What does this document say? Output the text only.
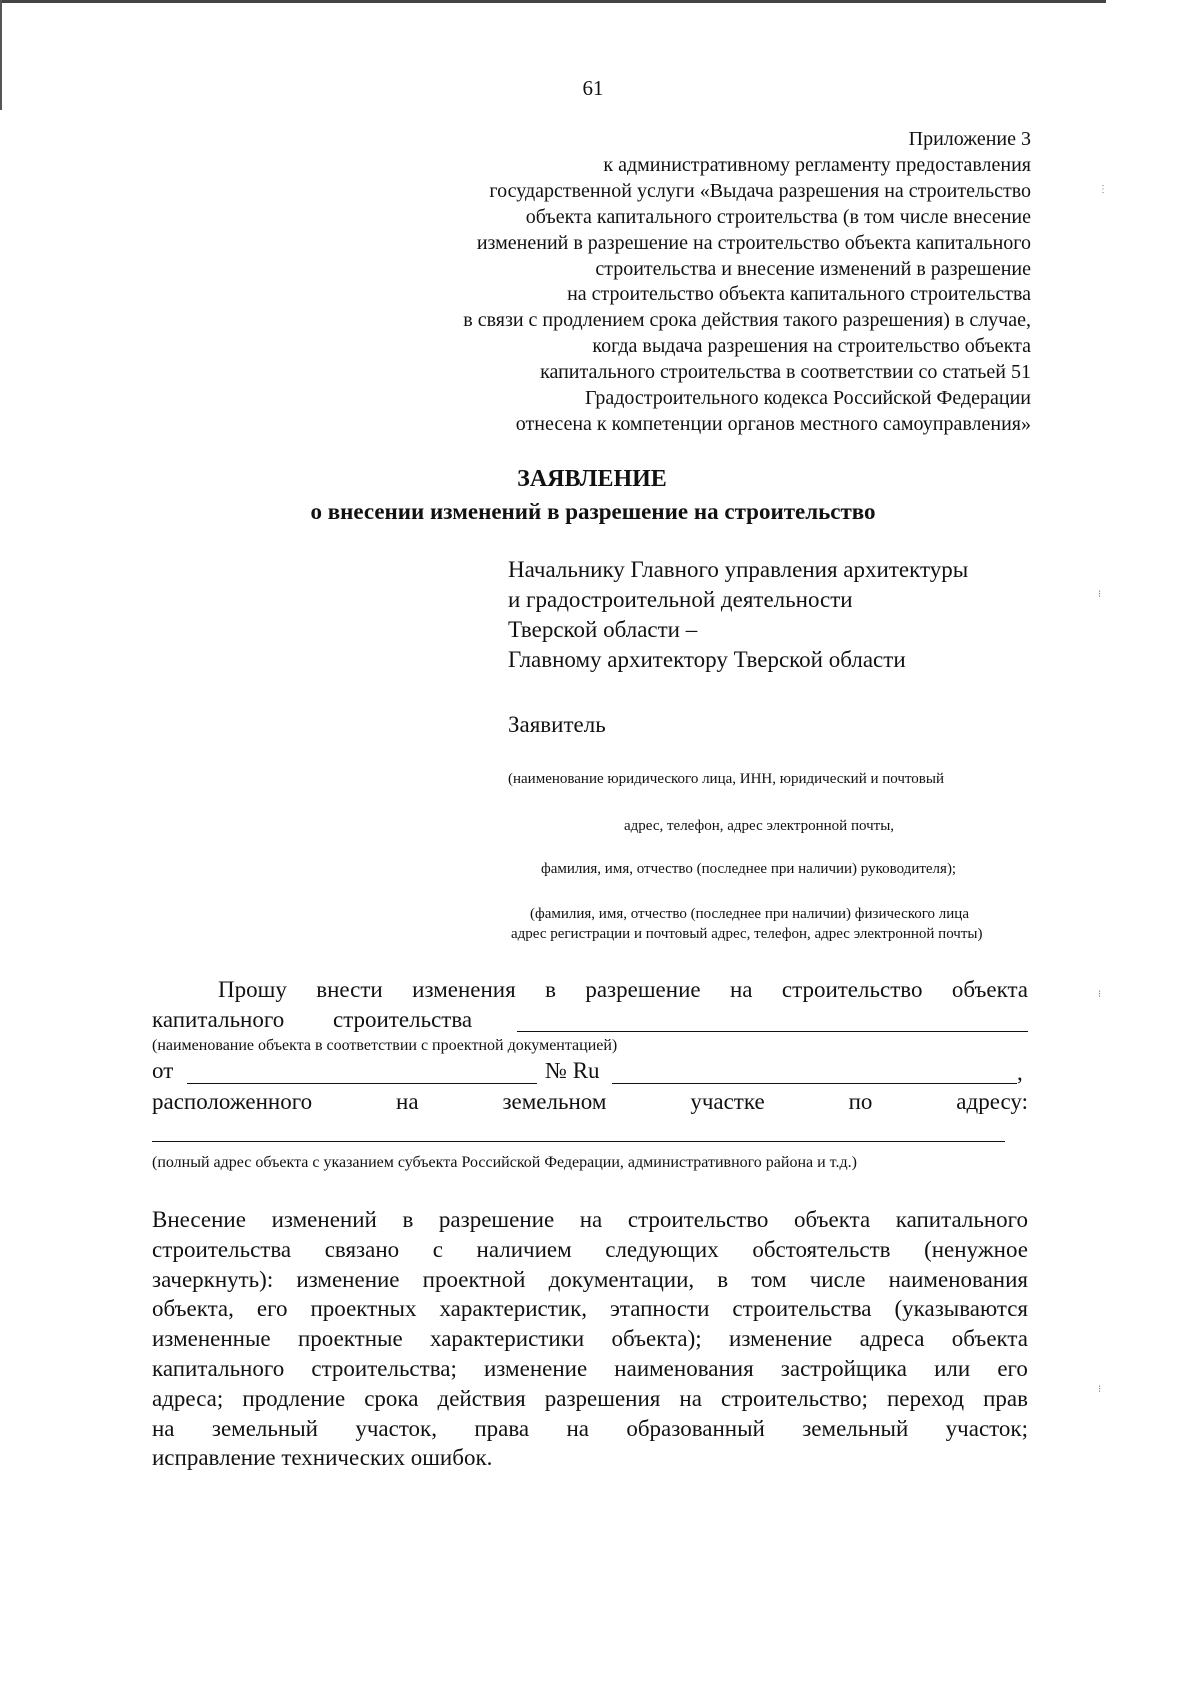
⋮
⁝
⁝
⁝
61
Приложение 3
к административному регламенту предоставления
государственной услуги «Выдача разрешения на строительство
объекта капитального строительства (в том числе внесение
изменений в разрешение на строительство объекта капитального
строительства и внесение изменений в разрешение
на строительство объекта капитального строительства
в связи с продлением срока действия такого разрешения) в случае,
когда выдача разрешения на строительство объекта
капитального строительства в соответствии со статьей 51
Градостроительного кодекса Российской Федерации
отнесена к компетенции органов местного самоуправления»
ЗАЯВЛЕНИЕ
о внесении изменений в разрешение на строительство
Начальнику Главного управления архитектуры
и градостроительной деятельности
Тверской области –
Главному архитектору Тверской области
Заявитель
(наименование юридического лица, ИНН, юридический и почтовый
адрес, телефон, адрес электронной почты,
фамилия, имя, отчество (последнее при наличии) руководителя);
(фамилия, имя, отчество (последнее при наличии) физического лица
адрес регистрации и почтовый адрес, телефон, адрес электронной почты)
Прошу внести изменения в разрешение на строительство объекта
капитального строительства
(наименование объекта в соответствии с проектной документацией)
от	№ Ru	,
расположенного	на	земельном	участке	по	адресу:
(полный адрес объекта с указанием субъекта Российской Федерации, административного района и т.д.)
Внесение изменений в разрешение на строительство объекта капитального
строительства связано с наличием следующих обстоятельств (ненужное
зачеркнуть): изменение проектной документации, в том числе наименования
объекта, его проектных характеристик, этапности строительства (указываются
измененные проектные характеристики объекта); изменение адреса объекта
капитального строительства; изменение наименования застройщика или его
адреса; продление срока действия разрешения на строительство; переход прав
на земельный участок, права на образованный земельный участок;
исправление технических ошибок.
